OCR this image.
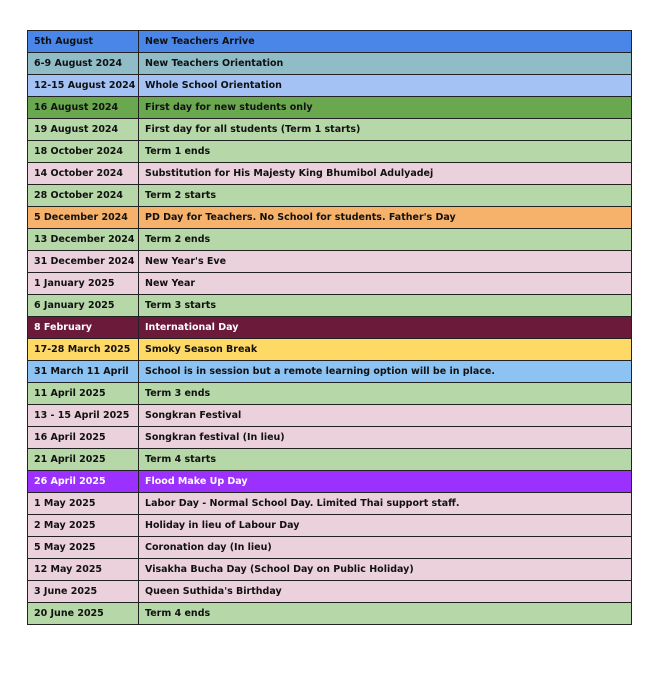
5th August	New Teachers Arrive
6-9 August 2024	New Teachers Orientation
12-15 August 2024	Whole School Orientation
16 August 2024	First day for new students only
19 August 2024	First day for all students (Term 1 starts)
18 October 2024	Term 1 ends
14 October 2024	Substitution for His Majesty King Bhumibol Adulyadej
28 October 2024	Term 2 starts
5 December 2024	PD Day for Teachers. No School for students. Father's Day
13 December 2024	Term 2 ends
31 December 2024	New Year's Eve
1 January 2025	New Year
6 January 2025	Term 3 starts
8 February	International Day
17-28 March 2025	Smoky Season Break
31 March 11 April	School is in session but a remote learning option will be in place.
11 April 2025	Term 3 ends
13 - 15 April 2025	Songkran Festival
16 April 2025	Songkran festival (In lieu)
21 April 2025	Term 4 starts
26 April 2025	Flood Make Up Day
1 May 2025	Labor Day - Normal School Day. Limited Thai support staff.
2 May 2025	Holiday in lieu of Labour Day
5 May 2025	Coronation day (In lieu)
12 May 2025	Visakha Bucha Day (School Day on Public Holiday)
3 June 2025	Queen Suthida's Birthday
20 June 2025	Term 4 ends
